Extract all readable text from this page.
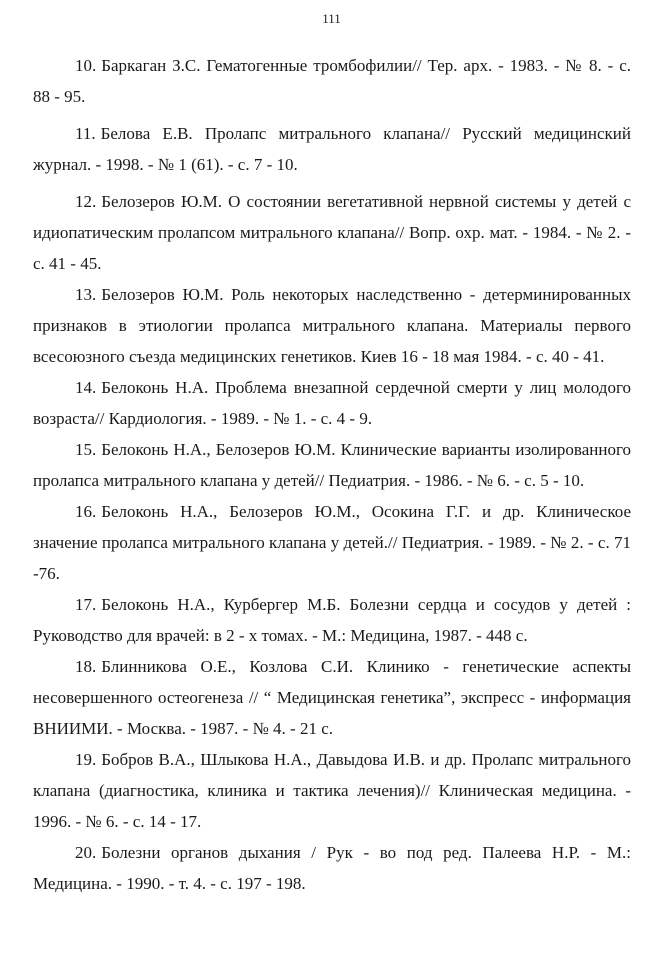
111

10. Баркаган З.С. Гематогенные тромбофилии// Тер. арх. - 1983. - № 8. - с. 88 - 95.

11. Белова Е.В. Пролапс митрального клапана// Русский медицинский журнал. - 1998. - № 1 (61). - с. 7 - 10.

12. Белозеров Ю.М. О состоянии вегетативной нервной системы у детей с идиопатическим пролапсом митрального клапана// Вопр. охр. мат. - 1984. - № 2. - с. 41 - 45.

13. Белозеров Ю.М. Роль некоторых наследственно - детерминированных признаков в этиологии пролапса митрального клапана. Материалы первого всесоюзного съезда медицинских генетиков. Киев 16 - 18 мая 1984. - с. 40 - 41.

14. Белоконь Н.А. Проблема внезапной сердечной смерти у лиц молодого возраста// Кардиология. - 1989. - № 1. - с. 4 - 9.

15. Белоконь Н.А., Белозеров Ю.М. Клинические варианты изолированного пролапса митрального клапана у детей// Педиатрия. - 1986. - № 6. - с. 5 - 10.

16. Белоконь Н.А., Белозеров Ю.М., Осокина Г.Г. и др. Клиническое значение пролапса митрального клапана у детей.// Педиатрия. - 1989. - № 2. - с. 71 -76.

17. Белоконь Н.А., Курбергер М.Б. Болезни сердца и сосудов у детей : Руководство для врачей: в 2 - х томах. - М.: Медицина, 1987. - 448 с.

18. Блинникова О.Е., Козлова С.И. Клинико - генетические аспекты несовершенного остеогенеза // “ Медицинская генетика”, экспресс - информация ВНИИМИ. - Москва. - 1987. - № 4. - 21 с.

19. Бобров В.А., Шлыкова Н.А., Давыдова И.В. и др. Пролапс митрального клапана (диагностика, клиника и тактика лечения)// Клиническая медицина. - 1996. - № 6. - с. 14 - 17.

20. Болезни органов дыхания / Рук - во под ред. Палеева Н.Р. - М.: Медицина. - 1990. - т. 4. - с. 197 - 198.
